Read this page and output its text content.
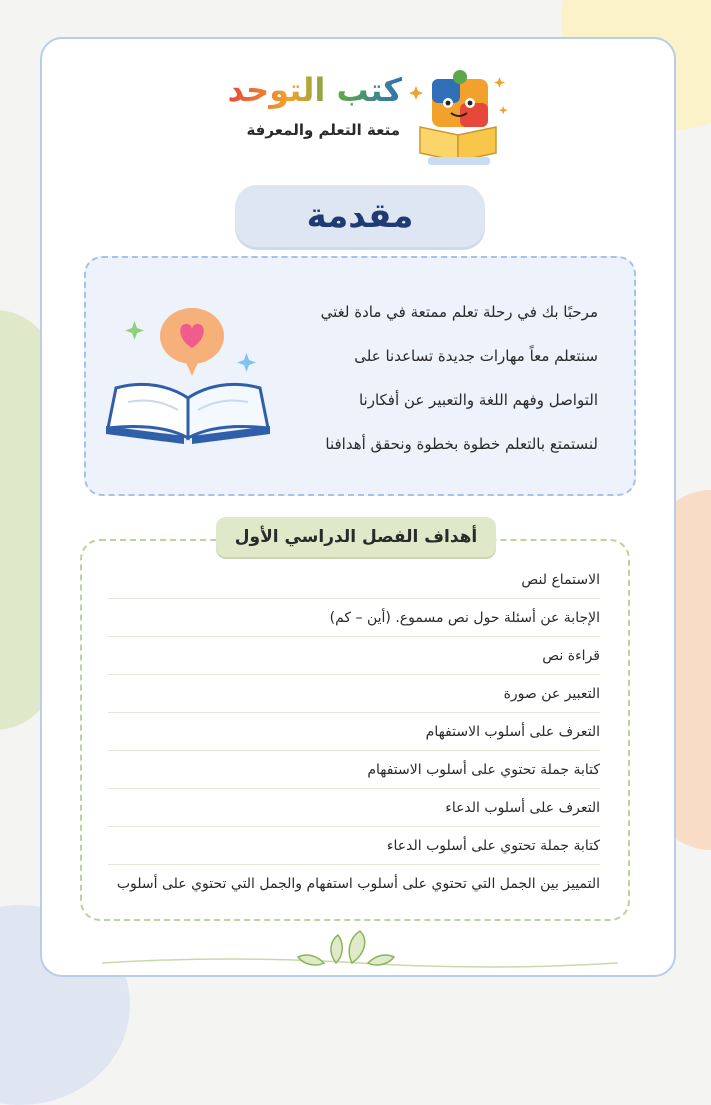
كتب التوحد

متعة التعلم والمعرفة

مقدمة
مرحبًا بك في رحلة تعلم ممتعة في مادة لغتي
سنتعلم معاً مهارات جديدة تساعدنا على
التواصل وفهم اللغة والتعبير عن أفكارنا
لنستمتع بالتعلم خطوة بخطوة ونحقق أهدافنا
أهداف الفصل الدراسي الأول
الاستماع لنص
الإجابة عن أسئلة حول نص مسموع. (أين – كم)
قراءة نص
التعبير عن صورة
التعرف على أسلوب الاستفهام
كتابة جملة تحتوي على أسلوب الاستفهام
التعرف على أسلوب الدعاء
كتابة جملة تحتوي على أسلوب الدعاء
التمييز بين الجمل التي تحتوي على أسلوب استفهام والجمل التي تحتوي على أسلوب
